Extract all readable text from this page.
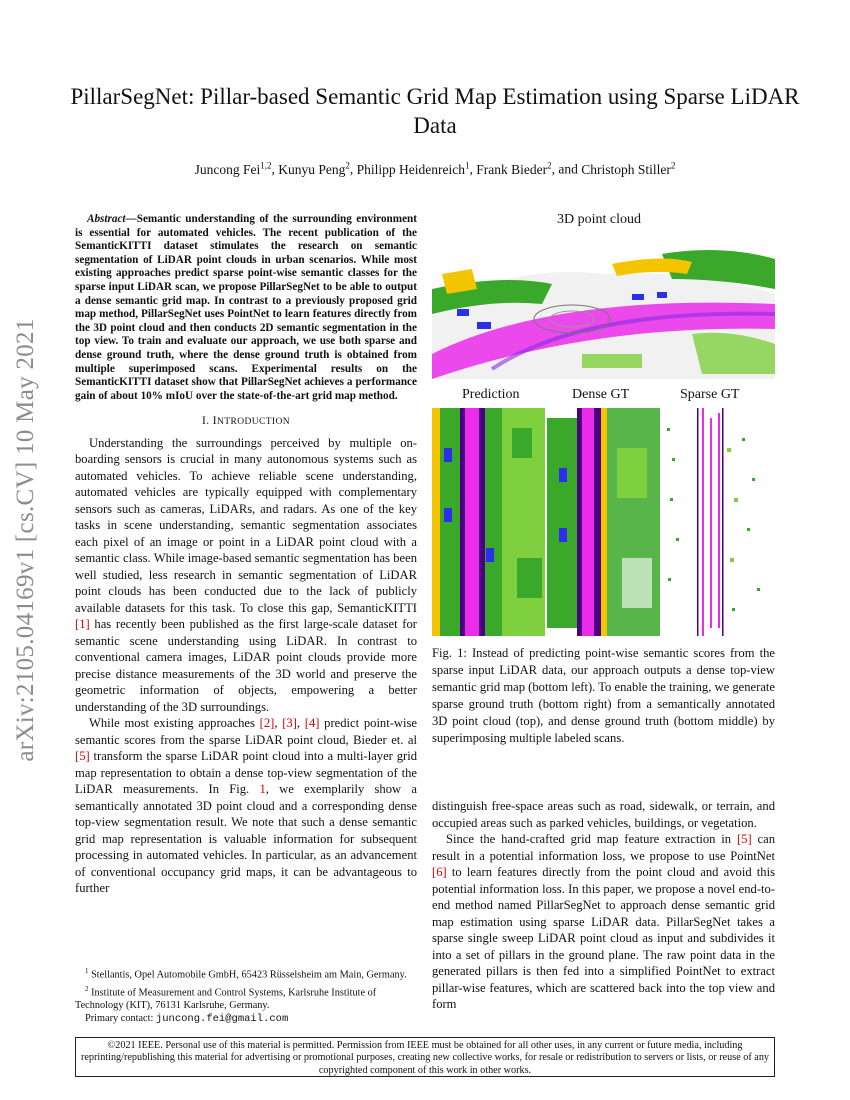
arXiv:2105.04169v1 [cs.CV] 10 May 2021
PillarSegNet: Pillar-based Semantic Grid Map Estimation using Sparse LiDAR Data
Juncong Fei$^{1,2}$, Kunyu Peng$^2$, Philipp Heidenreich$^1$, Frank Bieder$^2$, and Christoph Stiller$^2$

Abstract—Semantic understanding of the surrounding environment is essential for automated vehicles. The recent publication of the SemanticKITTI dataset stimulates the research on semantic segmentation of LiDAR point clouds in urban scenarios. While most existing approaches predict sparse point-wise semantic classes for the sparse input LiDAR scan, we propose PillarSegNet to be able to output a dense semantic grid map. In contrast to a previously proposed grid map method, PillarSegNet uses PointNet to learn features directly from the 3D point cloud and then conducts 2D semantic segmentation in the top view. To train and evaluate our approach, we use both sparse and dense ground truth, where the dense ground truth is obtained from multiple superimposed scans. Experimental results on the SemanticKITTI dataset show that PillarSegNet achieves a performance gain of about 10% mIoU over the state-of-the-art grid map method.

I. INTRODUCTION

Understanding the surroundings perceived by multiple on-boarding sensors is crucial in many autonomous systems such as automated vehicles. To achieve reliable scene understanding, automated vehicles are typically equipped with complementary sensors such as cameras, LiDARs, and radars. As one of the key tasks in scene understanding, semantic segmentation associates each pixel of an image or point in a LiDAR point cloud with a semantic class. While image-based semantic segmentation has been well studied, less research in semantic segmentation of LiDAR point clouds has been conducted due to the lack of publicly available datasets for this task. To close this gap, SemanticKITTI [1] has recently been published as the first large-scale dataset for semantic scene understanding using LiDAR. In contrast to conventional camera images, LiDAR point clouds provide more precise distance measurements of the 3D world and preserve the geometric information of objects, empowering a better understanding of the 3D surroundings.

While most existing approaches [2], [3], [4] predict point-wise semantic scores from the sparse LiDAR point cloud, Bieder et. al [5] transform the sparse LiDAR point cloud into a multi-layer grid map representation to obtain a dense top-view segmentation of the LiDAR measurements. In Fig. 1, we exemplarily show a semantically annotated 3D point cloud and a corresponding dense top-view segmentation result. We note that such a dense semantic grid map representation is valuable information for subsequent processing in automated vehicles. In particular, as an advancement of conventional occupancy grid maps, it can be advantageous to further

$^1$ Stellantis, Opel Automobile GmbH, 65423 Rüsselsheim am Main, Germany.

$^2$ Institute of Measurement and Control Systems, Karlsruhe Institute of Technology (KIT), 76131 Karlsruhe, Germany.

Primary contact: juncong.fei@gmail.com

3D point cloud
Prediction	Dense GT	Sparse GT

Fig. 1: Instead of predicting point-wise semantic scores from the sparse input LiDAR data, our approach outputs a dense top-view semantic grid map (bottom left). To enable the training, we generate sparse ground truth (bottom right) from a semantically annotated 3D point cloud (top), and dense ground truth (bottom middle) by superimposing multiple labeled scans.

distinguish free-space areas such as road, sidewalk, or terrain, and occupied areas such as parked vehicles, buildings, or vegetation.

Since the hand-crafted grid map feature extraction in [5] can result in a potential information loss, we propose to use PointNet [6] to learn features directly from the point cloud and avoid this potential information loss. In this paper, we propose a novel end-to-end method named PillarSegNet to approach dense semantic grid map estimation using sparse LiDAR data. PillarSegNet takes a sparse single sweep LiDAR point cloud as input and subdivides it into a set of pillars in the ground plane. The raw point data in the generated pillars is then fed into a simplified PointNet to extract pillar-wise features, which are scattered back into the top view and form

©2021 IEEE. Personal use of this material is permitted. Permission from IEEE must be obtained for all other uses, in any current or future media, including reprinting/republishing this material for advertising or promotional purposes, creating new collective works, for resale or redistribution to servers or lists, or reuse of any copyrighted component of this work in other works.
